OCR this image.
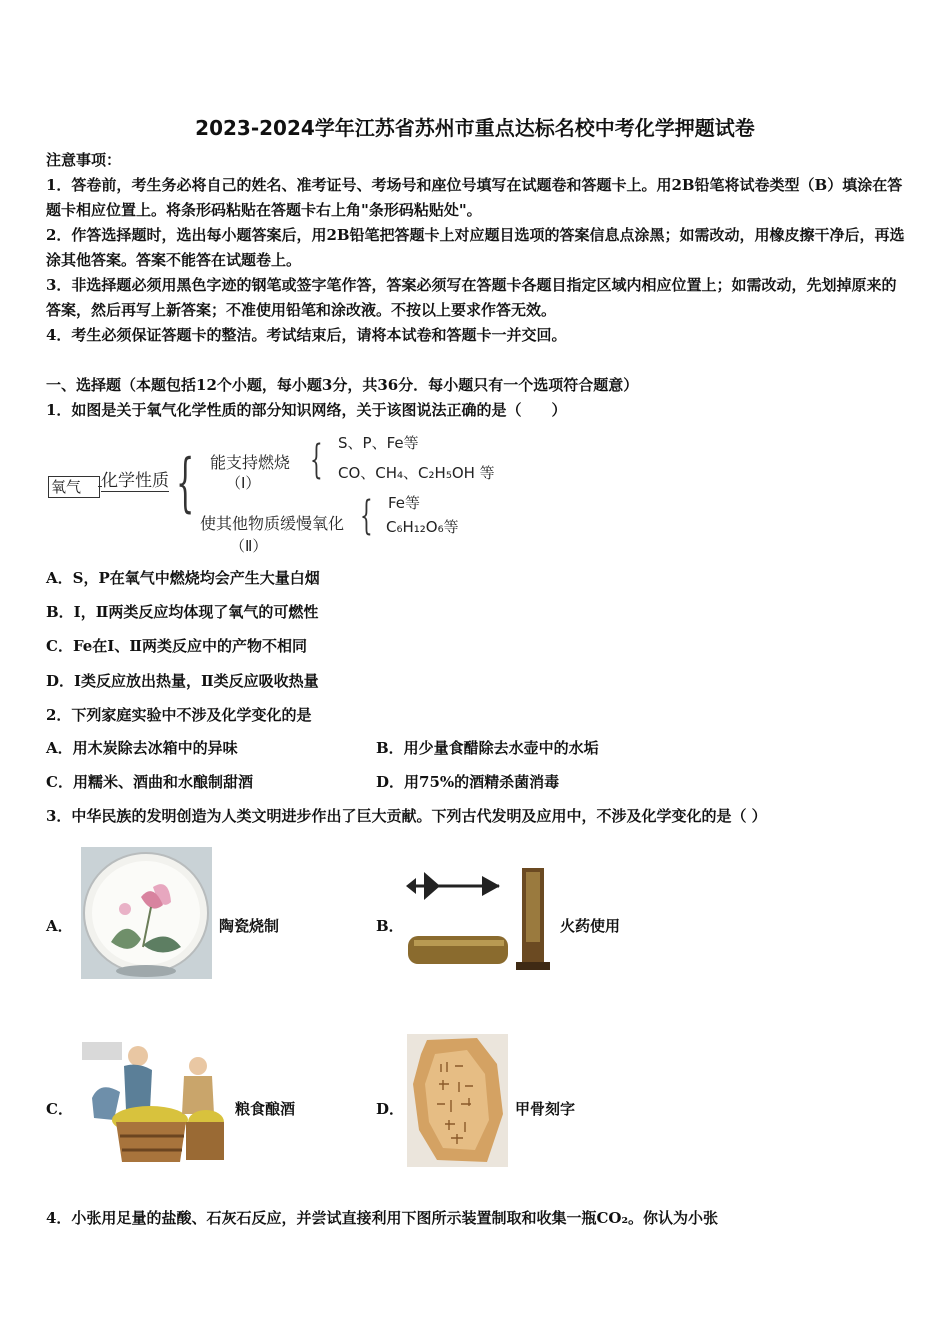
2023-2024学年江苏省苏州市重点达标名校中考化学押题试卷
注意事项：
1．答卷前，考生务必将自己的姓名、准考证号、考场号和座位号填写在试题卷和答题卡上。用2B铅笔将试卷类型（B）填涂在答题卡相应位置上。将条形码粘贴在答题卡右上角"条形码粘贴处"。
2．作答选择题时，选出每小题答案后，用2B铅笔把答题卡上对应题目选项的答案信息点涂黑；如需改动，用橡皮擦干净后，再选涂其他答案。答案不能答在试题卷上。
3．非选择题必须用黑色字迹的钢笔或签字笔作答，答案必须写在答题卡各题目指定区域内相应位置上；如需改动，先划掉原来的答案，然后再写上新答案；不准使用铅笔和涂改液。不按以上要求作答无效。
4．考生必须保证答题卡的整洁。考试结束后，请将本试卷和答题卡一并交回。
一、选择题（本题包括12个小题，每小题3分，共36分．每小题只有一个选项符合题意）
1．如图是关于氧气化学性质的部分知识网络，关于该图说法正确的是（　　）
氧气	化学性质 { 能支持燃烧
（Ⅰ） { S、P、Fe等
CO、CH₄、C₂H₅OH 等
使其他物质缓慢氧化
（Ⅱ）
{ Fe等
C₆H₁₂O₆等
A．S，P在氧气中燃烧均会产生大量白烟
B．Ⅰ，Ⅱ两类反应均体现了氧气的可燃性
C．Fe在Ⅰ、Ⅱ两类反应中的产物不相同
D．Ⅰ类反应放出热量，Ⅱ类反应吸收热量
2．下列家庭实验中不涉及化学变化的是
A．用木炭除去冰箱中的异味	B．用少量食醋除去水壶中的水垢
C．用糯米、酒曲和水酿制甜酒	D．用75%的酒精杀菌消毒
3．中华民族的发明创造为人类文明进步作出了巨大贡献。下列古代发明及应用中，不涉及化学变化的是（ ）
A．	陶瓷烧制	B．	火药使用
C．	粮食酿酒	D．	甲骨刻字
4．小张用足量的盐酸、石灰石反应，并尝试直接利用下图所示装置制取和收集一瓶CO₂。你认为小张
